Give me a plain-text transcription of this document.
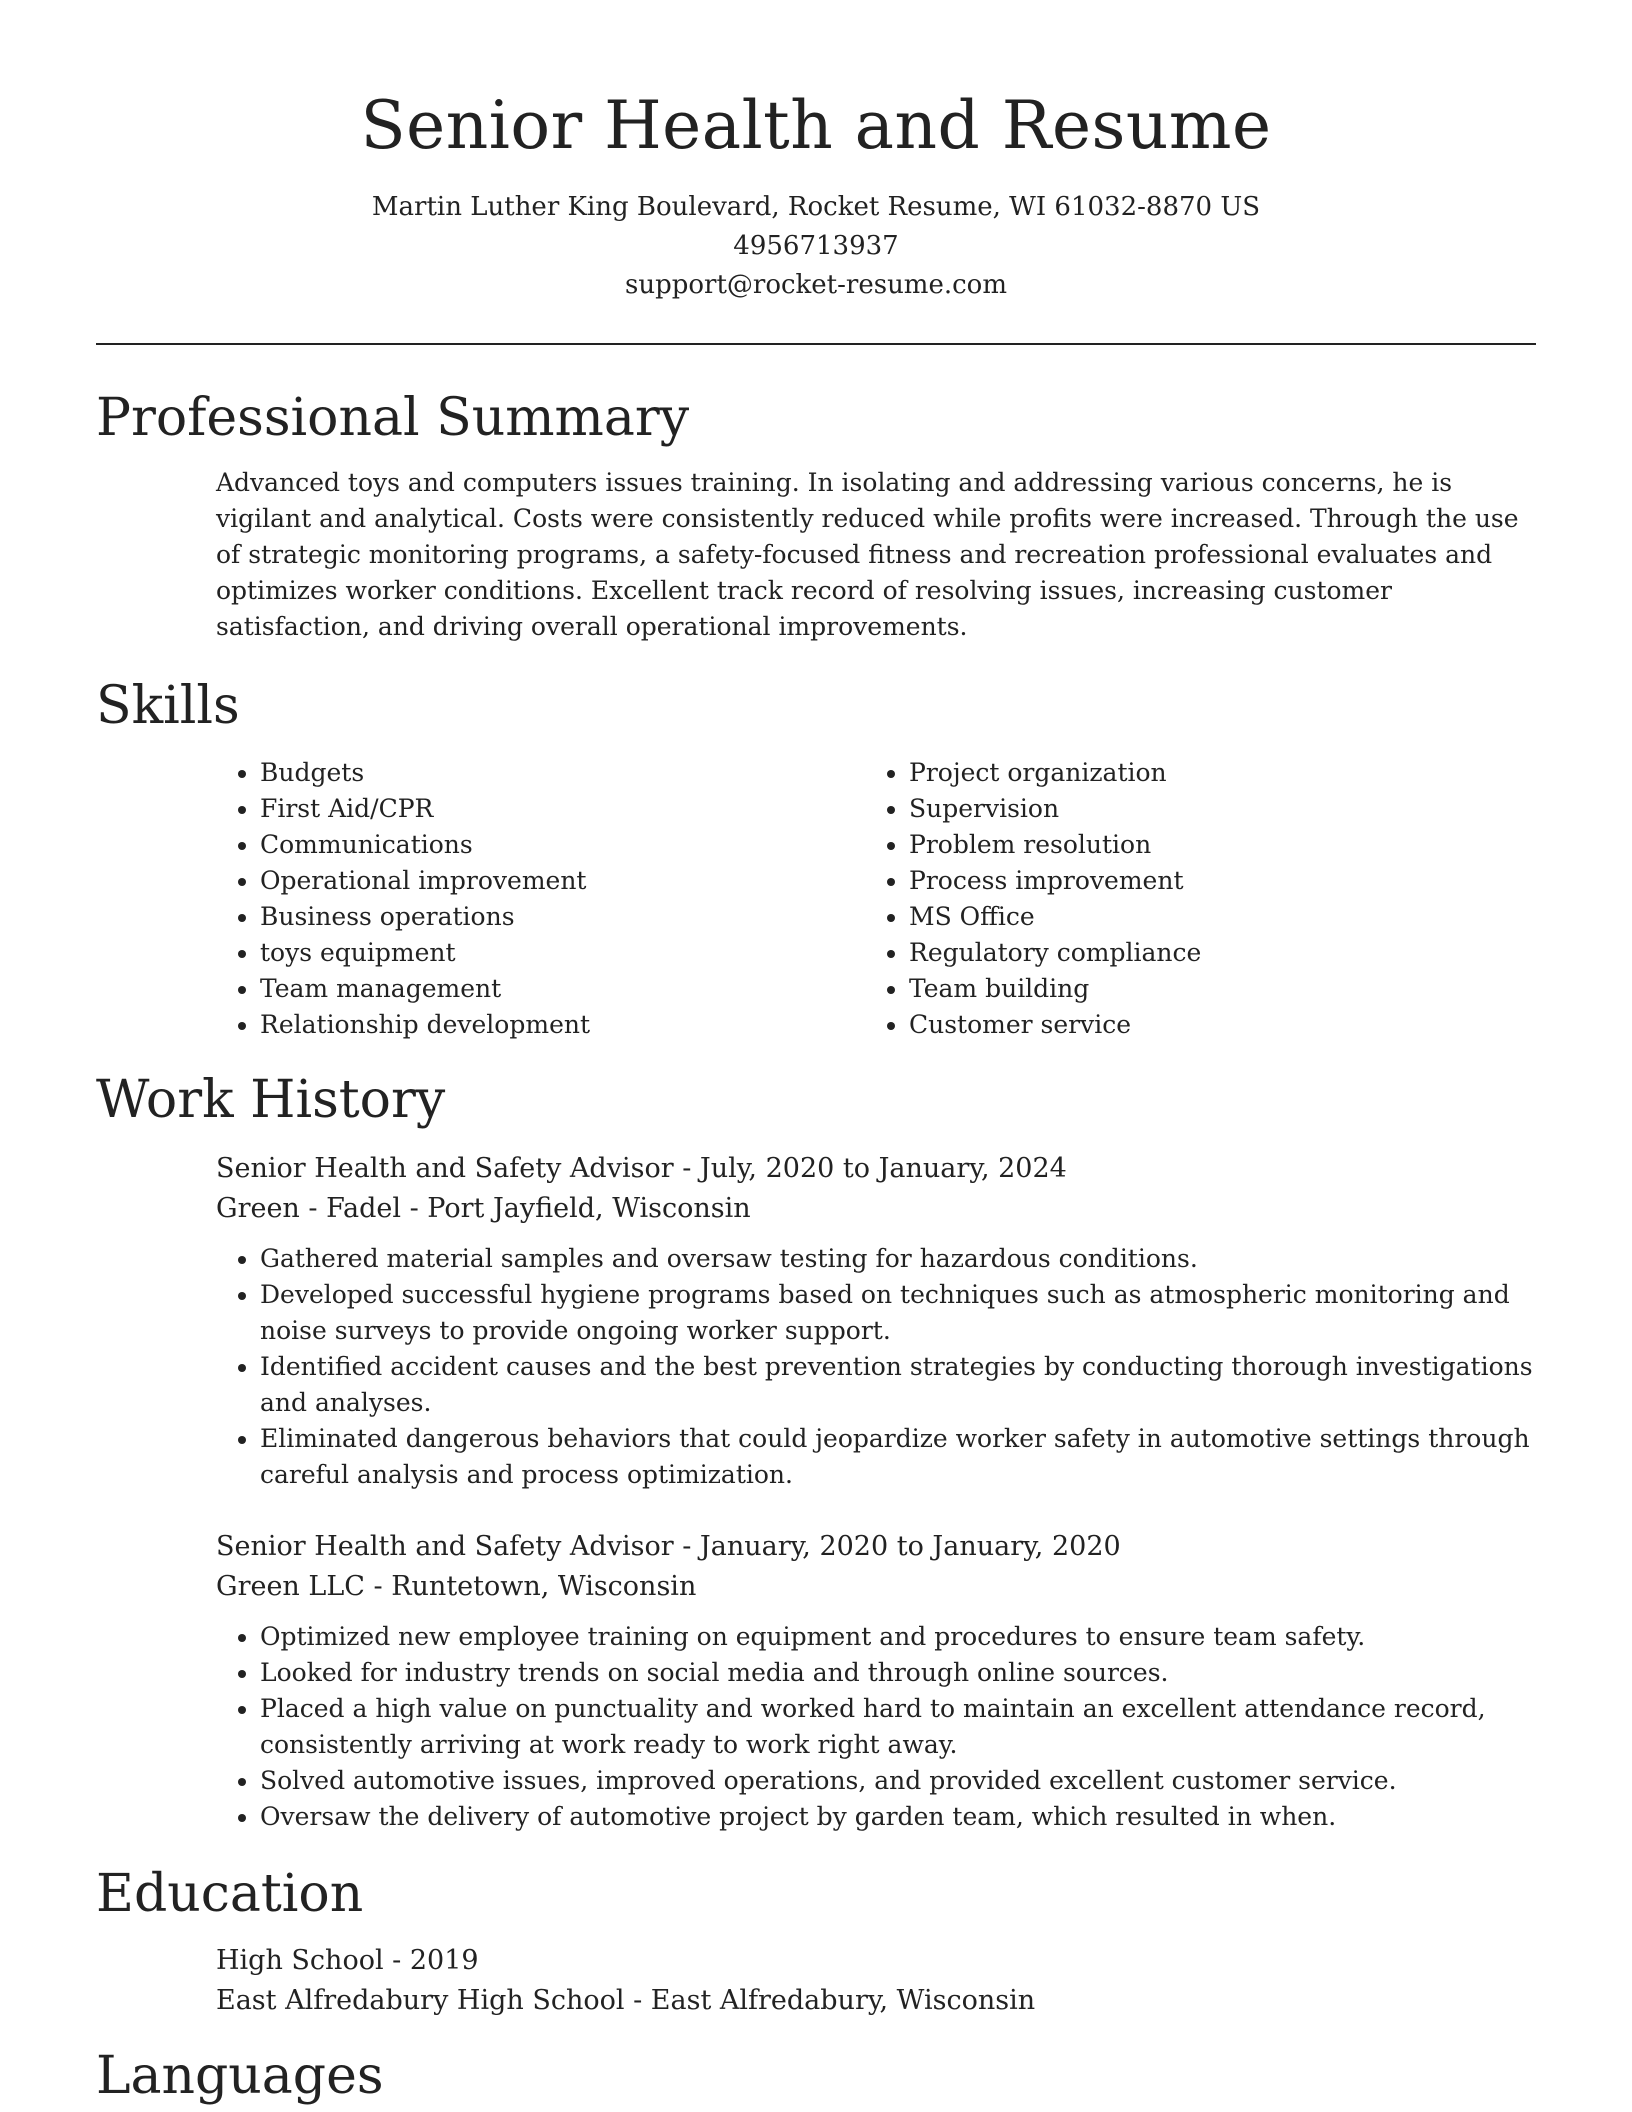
Senior Health and Resume
Martin Luther King Boulevard, Rocket Resume, WI 61032-8870 US
4956713937
support@rocket-resume.com
Professional Summary

Advanced toys and computers issues training. In isolating and addressing various concerns, he is vigilant and analytical. Costs were consistently reduced while profits were increased. Through the use of strategic monitoring programs, a safety-focused fitness and recreation professional evaluates and optimizes worker conditions. Excellent track record of resolving issues, increasing customer satisfaction, and driving overall operational improvements.

Skills
• Budgets
• First Aid/CPR
• Communications
• Operational improvement
• Business operations
• toys equipment
• Team management
• Relationship development
• Project organization
• Supervision
• Problem resolution
• Process improvement
• MS Office
• Regulatory compliance
• Team building
• Customer service
Work History
Senior Health and Safety Advisor - July, 2020 to January, 2024
Green - Fadel - Port Jayfield, Wisconsin
• Gathered material samples and oversaw testing for hazardous conditions.
• Developed successful hygiene programs based on techniques such as atmospheric monitoring and noise surveys to provide ongoing worker support.
• Identified accident causes and the best prevention strategies by conducting thorough investigations and analyses.
• Eliminated dangerous behaviors that could jeopardize worker safety in automotive settings through careful analysis and process optimization.
Senior Health and Safety Advisor - January, 2020 to January, 2020
Green LLC - Runtetown, Wisconsin
• Optimized new employee training on equipment and procedures to ensure team safety.
• Looked for industry trends on social media and through online sources.
• Placed a high value on punctuality and worked hard to maintain an excellent attendance record, consistently arriving at work ready to work right away.
• Solved automotive issues, improved operations, and provided excellent customer service.
• Oversaw the delivery of automotive project by garden team, which resulted in when.
Education
High School - 2019
East Alfredabury High School - East Alfredabury, Wisconsin
Languages
